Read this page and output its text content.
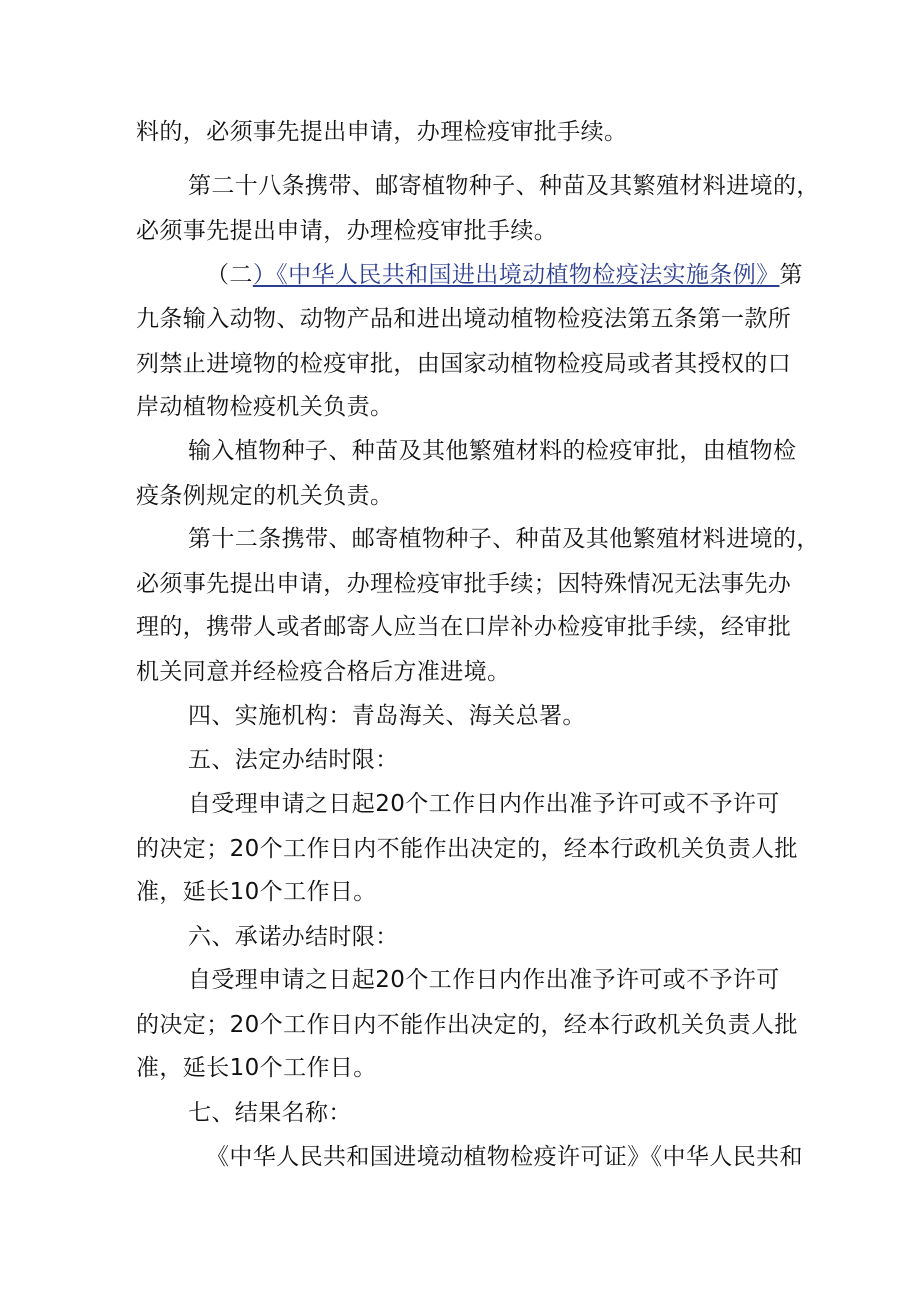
料的，必须事先提出申请，办理检疫审批手续。
第二十八条携带、邮寄植物种子、种苗及其繁殖材料进境的，
必须事先提出申请，办理检疫审批手续。
（二）《中华人民共和国进出境动植物检疫法实施条例》第
九条输入动物、动物产品和进出境动植物检疫法第五条第一款所
列禁止进境物的检疫审批，由国家动植物检疫局或者其授权的口
岸动植物检疫机关负责。
输入植物种子、种苗及其他繁殖材料的检疫审批，由植物检
疫条例规定的机关负责。
第十二条携带、邮寄植物种子、种苗及其他繁殖材料进境的，
必须事先提出申请，办理检疫审批手续；因特殊情况无法事先办
理的，携带人或者邮寄人应当在口岸补办检疫审批手续，经审批
机关同意并经检疫合格后方准进境。
四、实施机构：青岛海关、海关总署。
五、法定办结时限：
自受理申请之日起20个工作日内作出准予许可或不予许可
的决定；20个工作日内不能作出决定的，经本行政机关负责人批
准，延长10个工作日。
六、承诺办结时限：
自受理申请之日起20个工作日内作出准予许可或不予许可
的决定；20个工作日内不能作出决定的，经本行政机关负责人批
准，延长10个工作日。
七、结果名称：
《中华人民共和国进境动植物检疫许可证》《中华人民共和
